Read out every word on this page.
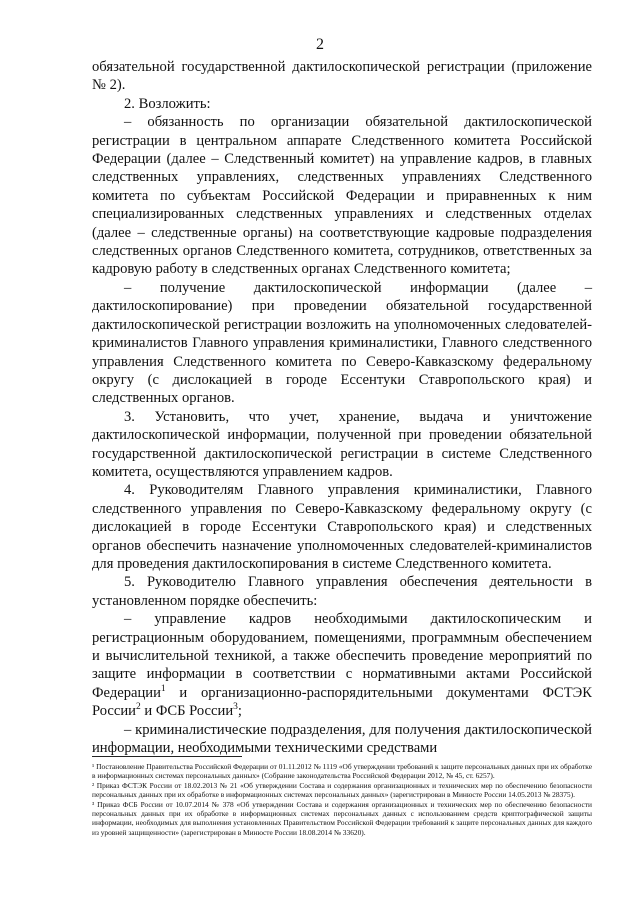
2

обязательной государственной дактилоскопической регистрации (приложение № 2).

2. Возложить:

– обязанность по организации обязательной дактилоскопической регистрации в центральном аппарате Следственного комитета Российской Федерации (далее – Следственный комитет) на управление кадров, в главных следственных управлениях, следственных управлениях Следственного комитета по субъектам Российской Федерации и приравненных к ним специализированных следственных управлениях и следственных отделах (далее – следственные органы) на соответствующие кадровые подразделения следственных органов Следственного комитета, сотрудников, ответственных за кадровую работу в следственных органах Следственного комитета;

– получение дактилоскопической информации (далее – дактилоскопирование) при проведении обязательной государственной дактилоскопической регистрации возложить на уполномоченных следователей-криминалистов Главного управления криминалистики, Главного следственного управления Следственного комитета по Северо-Кавказскому федеральному округу (с дислокацией в городе Ессентуки Ставропольского края) и следственных органов.

3. Установить, что учет, хранение, выдача и уничтожение дактилоскопической информации, полученной при проведении обязательной государственной дактилоскопической регистрации в системе Следственного комитета, осуществляются управлением кадров.

4. Руководителям Главного управления криминалистики, Главного следственного управления по Северо-Кавказскому федеральному округу (с дислокацией в городе Ессентуки Ставропольского края) и следственных органов обеспечить назначение уполномоченных следователей-криминалистов для проведения дактилоскопирования в системе Следственного комитета.

5. Руководителю Главного управления обеспечения деятельности в установленном порядке обеспечить:

– управление кадров необходимыми дактилоскопическим и регистрационным оборудованием, помещениями, программным обеспечением и вычислительной техникой, а также обеспечить проведение мероприятий по защите информации в соответствии с нормативными актами Российской Федерации$^1$ и организационно-распорядительными документами ФСТЭК России$^2$ и ФСБ России$^3$;

– криминалистические подразделения, для получения дактилоскопической информации, необходимыми техническими средствами

¹ Постановление Правительства Российской Федерации от 01.11.2012 № 1119 «Об утверждении требований к защите персональных данных при их обработке в информационных системах персональных данных» (Собрание законодательства Российской Федерации 2012, № 45, ст. 6257).

² Приказ ФСТЭК России от 18.02.2013 № 21 «Об утверждении Состава и содержания организационных и технических мер по обеспечению безопасности персональных данных при их обработке в информационных системах персональных данных» (зарегистрирован в Минюсте России 14.05.2013 № 28375).

³ Приказ ФСБ России от 10.07.2014 № 378 «Об утверждении Состава и содержания организационных и технических мер по обеспечению безопасности персональных данных при их обработке в информационных системах персональных данных с использованием средств криптографической защиты информации, необходимых для выполнения установленных Правительством Российской Федерации требований к защите персональных данных для каждого из уровней защищенности» (зарегистрирован в Минюсте России 18.08.2014 № 33620).
